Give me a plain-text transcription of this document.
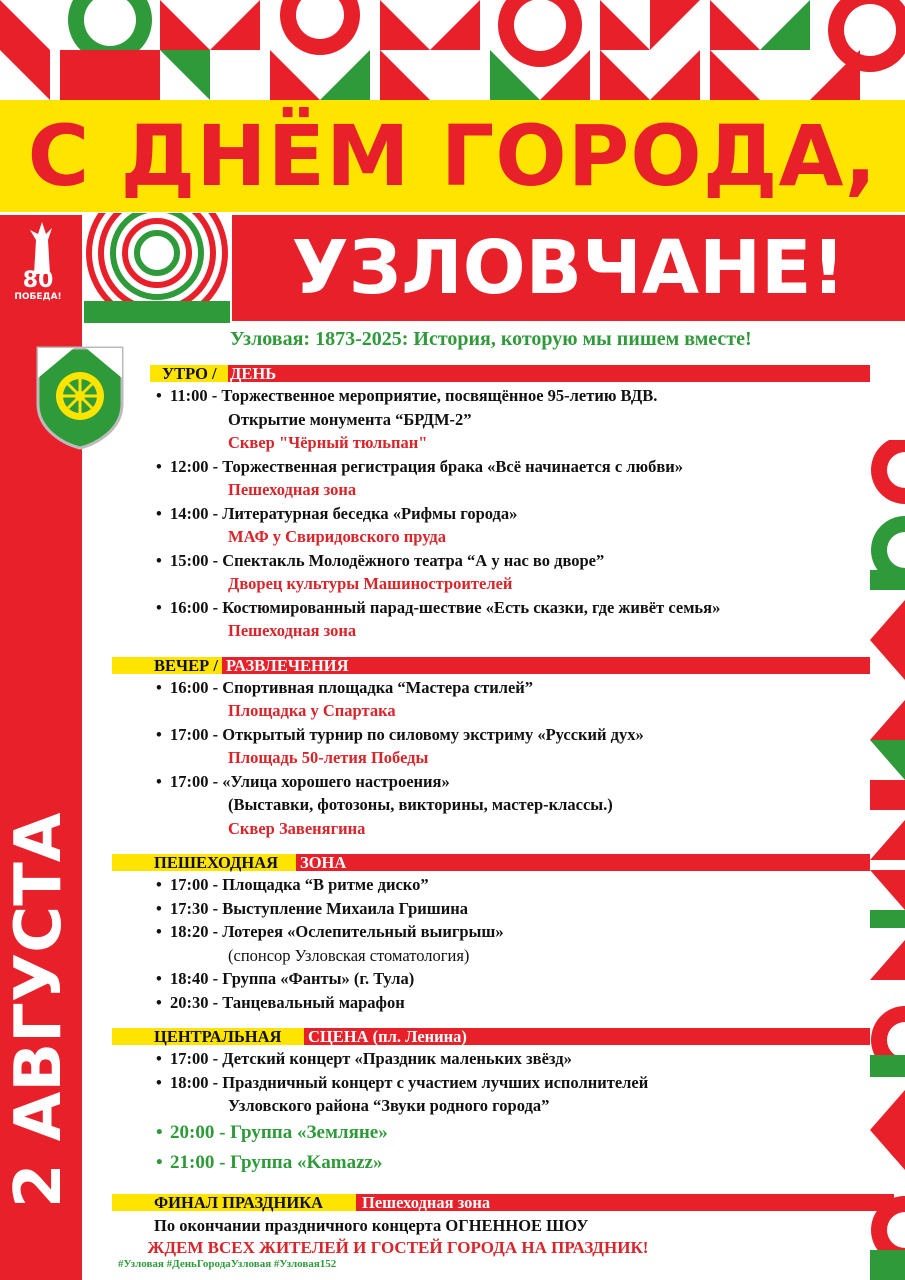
С ДНЁМ ГОРОДА,
УЗЛОВЧАНЕ!
2 АВГУСТА
80
ПОБЕДА!
Узловая: 1873-2025: История, которую мы пишем вместе!
УТРО / ДЕНЬ
• 11:00 - Торжественное мероприятие, посвящённое 95-летию ВДВ.
Открытие монумента “БРДМ-2”
Сквер "Чёрный тюльпан"
• 12:00 - Торжественная регистрация брака «Всё начинается с любви»
Пешеходная зона
• 14:00 - Литературная беседка «Рифмы города»
МАФ у Свиридовского пруда
• 15:00 - Спектакль Молодёжного театра “А у нас во дворе”
Дворец культуры Машиностроителей
• 16:00 - Костюмированный парад-шествие «Есть сказки, где живёт семья»
Пешеходная зона
ВЕЧЕР / РАЗВЛЕЧЕНИЯ
• 16:00 - Спортивная площадка “Мастера стилей”
Площадка у Спартака
• 17:00 - Открытый турнир по силовому экстриму «Русский дух»
Площадь 50-летия Победы
• 17:00 - «Улица хорошего настроения»
(Выставки, фотозоны, викторины, мастер-классы.)
Сквер Завенягина
ПЕШЕХОДНАЯ ЗОНА
• 17:00 - Площадка “В ритме диско”
• 17:30 - Выступление Михаила Гришина
• 18:20 - Лотерея «Ослепительный выигрыш»
(спонсор Узловская стоматология)
• 18:40 - Группа «Фанты» (г. Тула)
• 20:30 - Танцевальный марафон
ЦЕНТРАЛЬНАЯ СЦЕНА (пл. Ленина)
• 17:00 - Детский концерт «Праздник маленьких звёзд»
• 18:00 - Праздничный концерт с участием лучших исполнителей
Узловского района “Звуки родного города”
• 20:00 - Группа «Земляне»
• 21:00 - Группа «Kamazz»
ФИНАЛ ПРАЗДНИКА Пешеходная зона
По окончании праздничного концерта ОГНЕННОЕ ШОУ
ЖДЕМ ВСЕХ ЖИТЕЛЕЙ И ГОСТЕЙ ГОРОДА НА ПРАЗДНИК!
#Узловая #ДеньГородаУзловая #Узловая152
